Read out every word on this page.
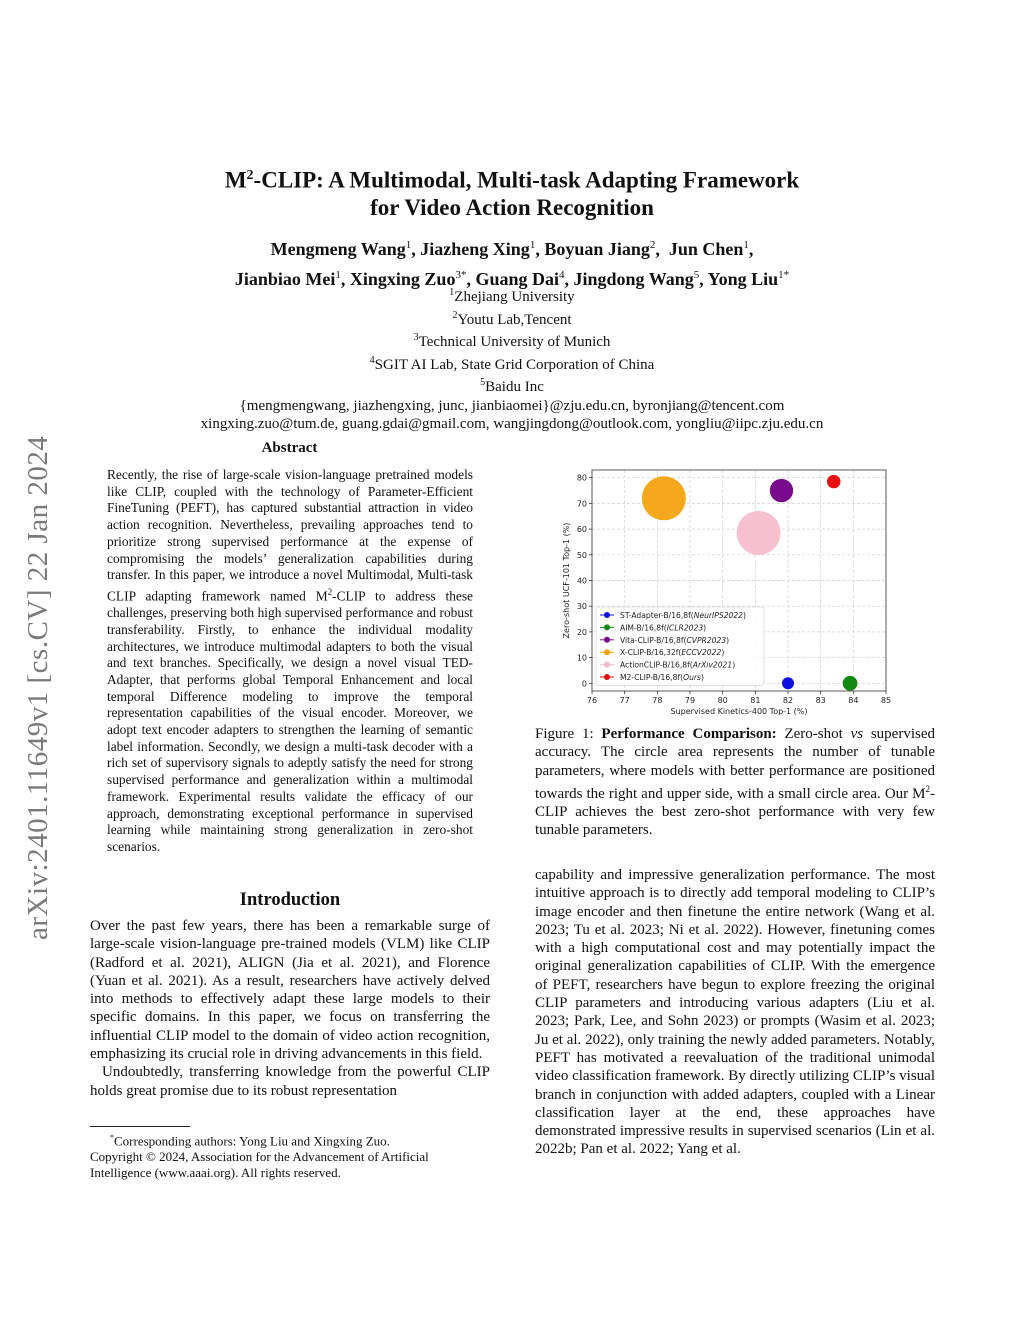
arXiv:2401.11649v1 [cs.CV] 22 Jan 2024
$M^2$-CLIP: A Multimodal, Multi-task Adapting Framework
for Video Action Recognition
Mengmeng Wang$^1$, Jiazheng Xing$^1$, Boyuan Jiang$^2$,  Jun Chen$^1$,
Jianbiao Mei$^1$, Xingxing Zuo$^{3*}$, Guang Dai$^4$, Jingdong Wang$^5$, Yong Liu$^{1*}$
$^1$Zhejiang University
$^2$Youtu Lab,Tencent
$^3$Technical University of Munich
$^4$SGIT AI Lab, State Grid Corporation of China
$^5$Baidu Inc
{mengmengwang, jiazhengxing, junc, jianbiaomei}@zju.edu.cn, byronjiang@tencent.com
xingxing.zuo@tum.de, guang.gdai@gmail.com, wangjingdong@outlook.com, yongliu@iipc.zju.edu.cn
Abstract
Recently, the rise of large-scale vision-language pretrained models like CLIP, coupled with the technology of Parameter-Efficient FineTuning (PEFT), has captured substantial attraction in video action recognition. Nevertheless, prevailing approaches tend to prioritize strong supervised performance at the expense of compromising the models’ generalization capabilities during transfer. In this paper, we introduce a novel Multimodal, Multi-task CLIP adapting framework named $M^2$-CLIP to address these challenges, preserving both high supervised performance and robust transferability. Firstly, to enhance the individual modality architectures, we introduce multimodal adapters to both the visual and text branches. Specifically, we design a novel visual TED-Adapter, that performs global Temporal Enhancement and local temporal Difference modeling to improve the temporal representation capabilities of the visual encoder. Moreover, we adopt text encoder adapters to strengthen the learning of semantic label information. Secondly, we design a multi-task decoder with a rich set of supervisory signals to adeptly satisfy the need for strong supervised performance and generalization within a multimodal framework. Experimental results validate the efficacy of our approach, demonstrating exceptional performance in supervised learning while maintaining strong generalization in zero-shot scenarios.
Introduction

Over the past few years, there has been a remarkable surge of large-scale vision-language pre-trained models (VLM) like CLIP (Radford et al. 2021), ALIGN (Jia et al. 2021), and Florence (Yuan et al. 2021). As a result, researchers have actively delved into methods to effectively adapt these large models to their specific domains. In this paper, we focus on transferring the influential CLIP model to the domain of video action recognition, emphasizing its crucial role in driving advancements in this field.

Undoubtedly, transferring knowledge from the powerful CLIP holds great promise due to its robust representation

*Corresponding authors: Yong Liu and Xingxing Zuo.

Copyright © 2024, Association for the Advancement of Artificial Intelligence (www.aaai.org). All rights reserved.

76	77	78	79	80	81	82	83	84	85
0
10
20
30
40
50
60
70
80
Supervised Kinetics-400 Top-1 (%)
Zero-shot UCF-101 Top-1 (%)	ST-Adapter-B/16,8f(NeurIPS2022)
AIM-B/16,8f(ICLR2023)
Vita-CLIP-B/16,8f(CVPR2023)
X-CLIP-B/16,32f(ECCV2022)
ActionCLIP-B/16,8f(ArXiv2021)
M2-CLIP-B/16,8f(Ours)
Figure 1: Performance Comparison: Zero-shot vs supervised accuracy. The circle area represents the number of tunable parameters, where models with better performance are positioned towards the right and upper side, with a small circle area. Our $M^2$-CLIP achieves the best zero-shot performance with very few tunable parameters.

capability and impressive generalization performance. The most intuitive approach is to directly add temporal modeling to CLIP’s image encoder and then finetune the entire network (Wang et al. 2023; Tu et al. 2023; Ni et al. 2022). However, finetuning comes with a high computational cost and may potentially impact the original generalization capabilities of CLIP. With the emergence of PEFT, researchers have begun to explore freezing the original CLIP parameters and introducing various adapters (Liu et al. 2023; Park, Lee, and Sohn 2023) or prompts (Wasim et al. 2023; Ju et al. 2022), only training the newly added parameters. Notably, PEFT has motivated a reevaluation of the traditional unimodal video classification framework. By directly utilizing CLIP’s visual branch in conjunction with added adapters, coupled with a Linear classification layer at the end, these approaches have demonstrated impressive results in supervised scenarios (Lin et al. 2022b; Pan et al. 2022; Yang et al.
